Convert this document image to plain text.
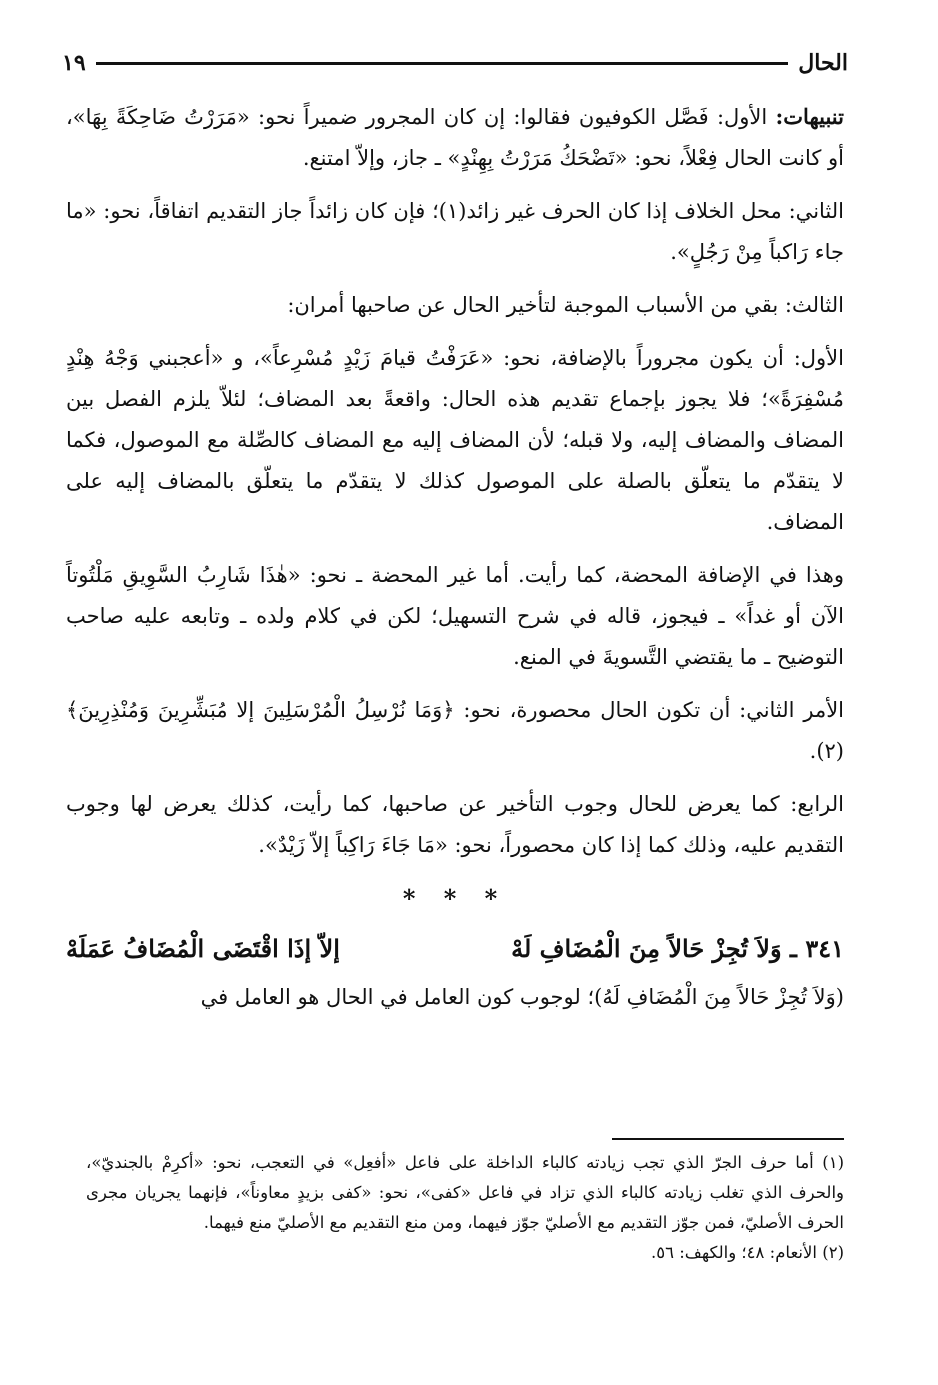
الحال
١٩

تنبيهات: الأول: فَصَّل الكوفيون فقالوا: إن كان المجرور ضميراً نحو: «مَرَرْتُ ضَاحِكَةً بِهَا»، أو كانت الحال فِعْلاً، نحو: «تَضْحَكُ مَرَرْتُ بِهِنْدٍ» ـ جاز، وإلاّ امتنع.

الثاني: محل الخلاف إذا كان الحرف غير زائد(١)؛ فإن كان زائداً جاز التقديم اتفاقاً، نحو: «ما جاء رَاكباً مِنْ رَجُلٍ».

الثالث: بقي من الأسباب الموجبة لتأخير الحال عن صاحبها أمران:

الأول: أن يكون مجروراً بالإضافة، نحو: «عَرَفْتُ قيامَ زَيْدٍ مُسْرِعاً»، و «أعجبني وَجْهُ هِنْدٍ مُسْفِرَةً»؛ فلا يجوز بإجماع تقديم هذه الحال: واقعةً بعد المضاف؛ لئلاّ يلزم الفصل بين المضاف والمضاف إليه، ولا قبله؛ لأن المضاف إليه مع المضاف كالصِّلة مع الموصول، فكما لا يتقدّم ما يتعلّق بالصلة على الموصول كذلك لا يتقدّم ما يتعلّق بالمضاف إليه على المضاف.

وهذا في الإضافة المحضة، كما رأيت. أما غير المحضة ـ نحو: «هٰذَا شَارِبُ السَّوِيقِ مَلْتُوتاً الآن أو غداً» ـ فيجوز، قاله في شرح التسهيل؛ لكن في كلام ولده ـ وتابعه عليه صاحب التوضيح ـ ما يقتضي التَّسويةَ في المنع.

الأمر الثاني: أن تكون الحال محصورة، نحو: ﴿وَمَا نُرْسِلُ الْمُرْسَلِينَ إلا مُبَشِّرِينَ وَمُنْذِرِينَ﴾(٢).

الرابع: كما يعرض للحال وجوب التأخير عن صاحبها، كما رأيت، كذلك يعرض لها وجوب التقديم عليه، وذلك كما إذا كان محصوراً، نحو: «مَا جَاءَ رَاكِباً إلاّ زَيْدٌ».

* * *
٣٤١ ـ وَلاَ تُجِزْ حَالاً مِنَ الْمُضَافِ لَهْ
إلاّ إذَا اقْتَضَى الْمُضَافُ عَمَلَهْ

(وَلاَ تُجِزْ حَالاً مِنَ الْمُضَافِ لَهُ)؛ لوجوب كون العامل في الحال هو العامل في

(١) أما حرف الجرّ الذي تجب زيادته كالباء الداخلة على فاعل «أفعِل» في التعجب، نحو: «أكرِمْ بالجنديّ»، والحرف الذي تغلب زيادته كالباء الذي تزاد في فاعل «كفى»، نحو: «كفى بزيدٍ معاوناً»، فإنهما يجريان مجرى الحرف الأصليّ، فمن جوّز التقديم مع الأصليّ جوّز فيهما، ومن منع التقديم مع الأصليّ منع فيهما.

(٢) الأنعام: ٤٨؛ والكهف: ٥٦.
